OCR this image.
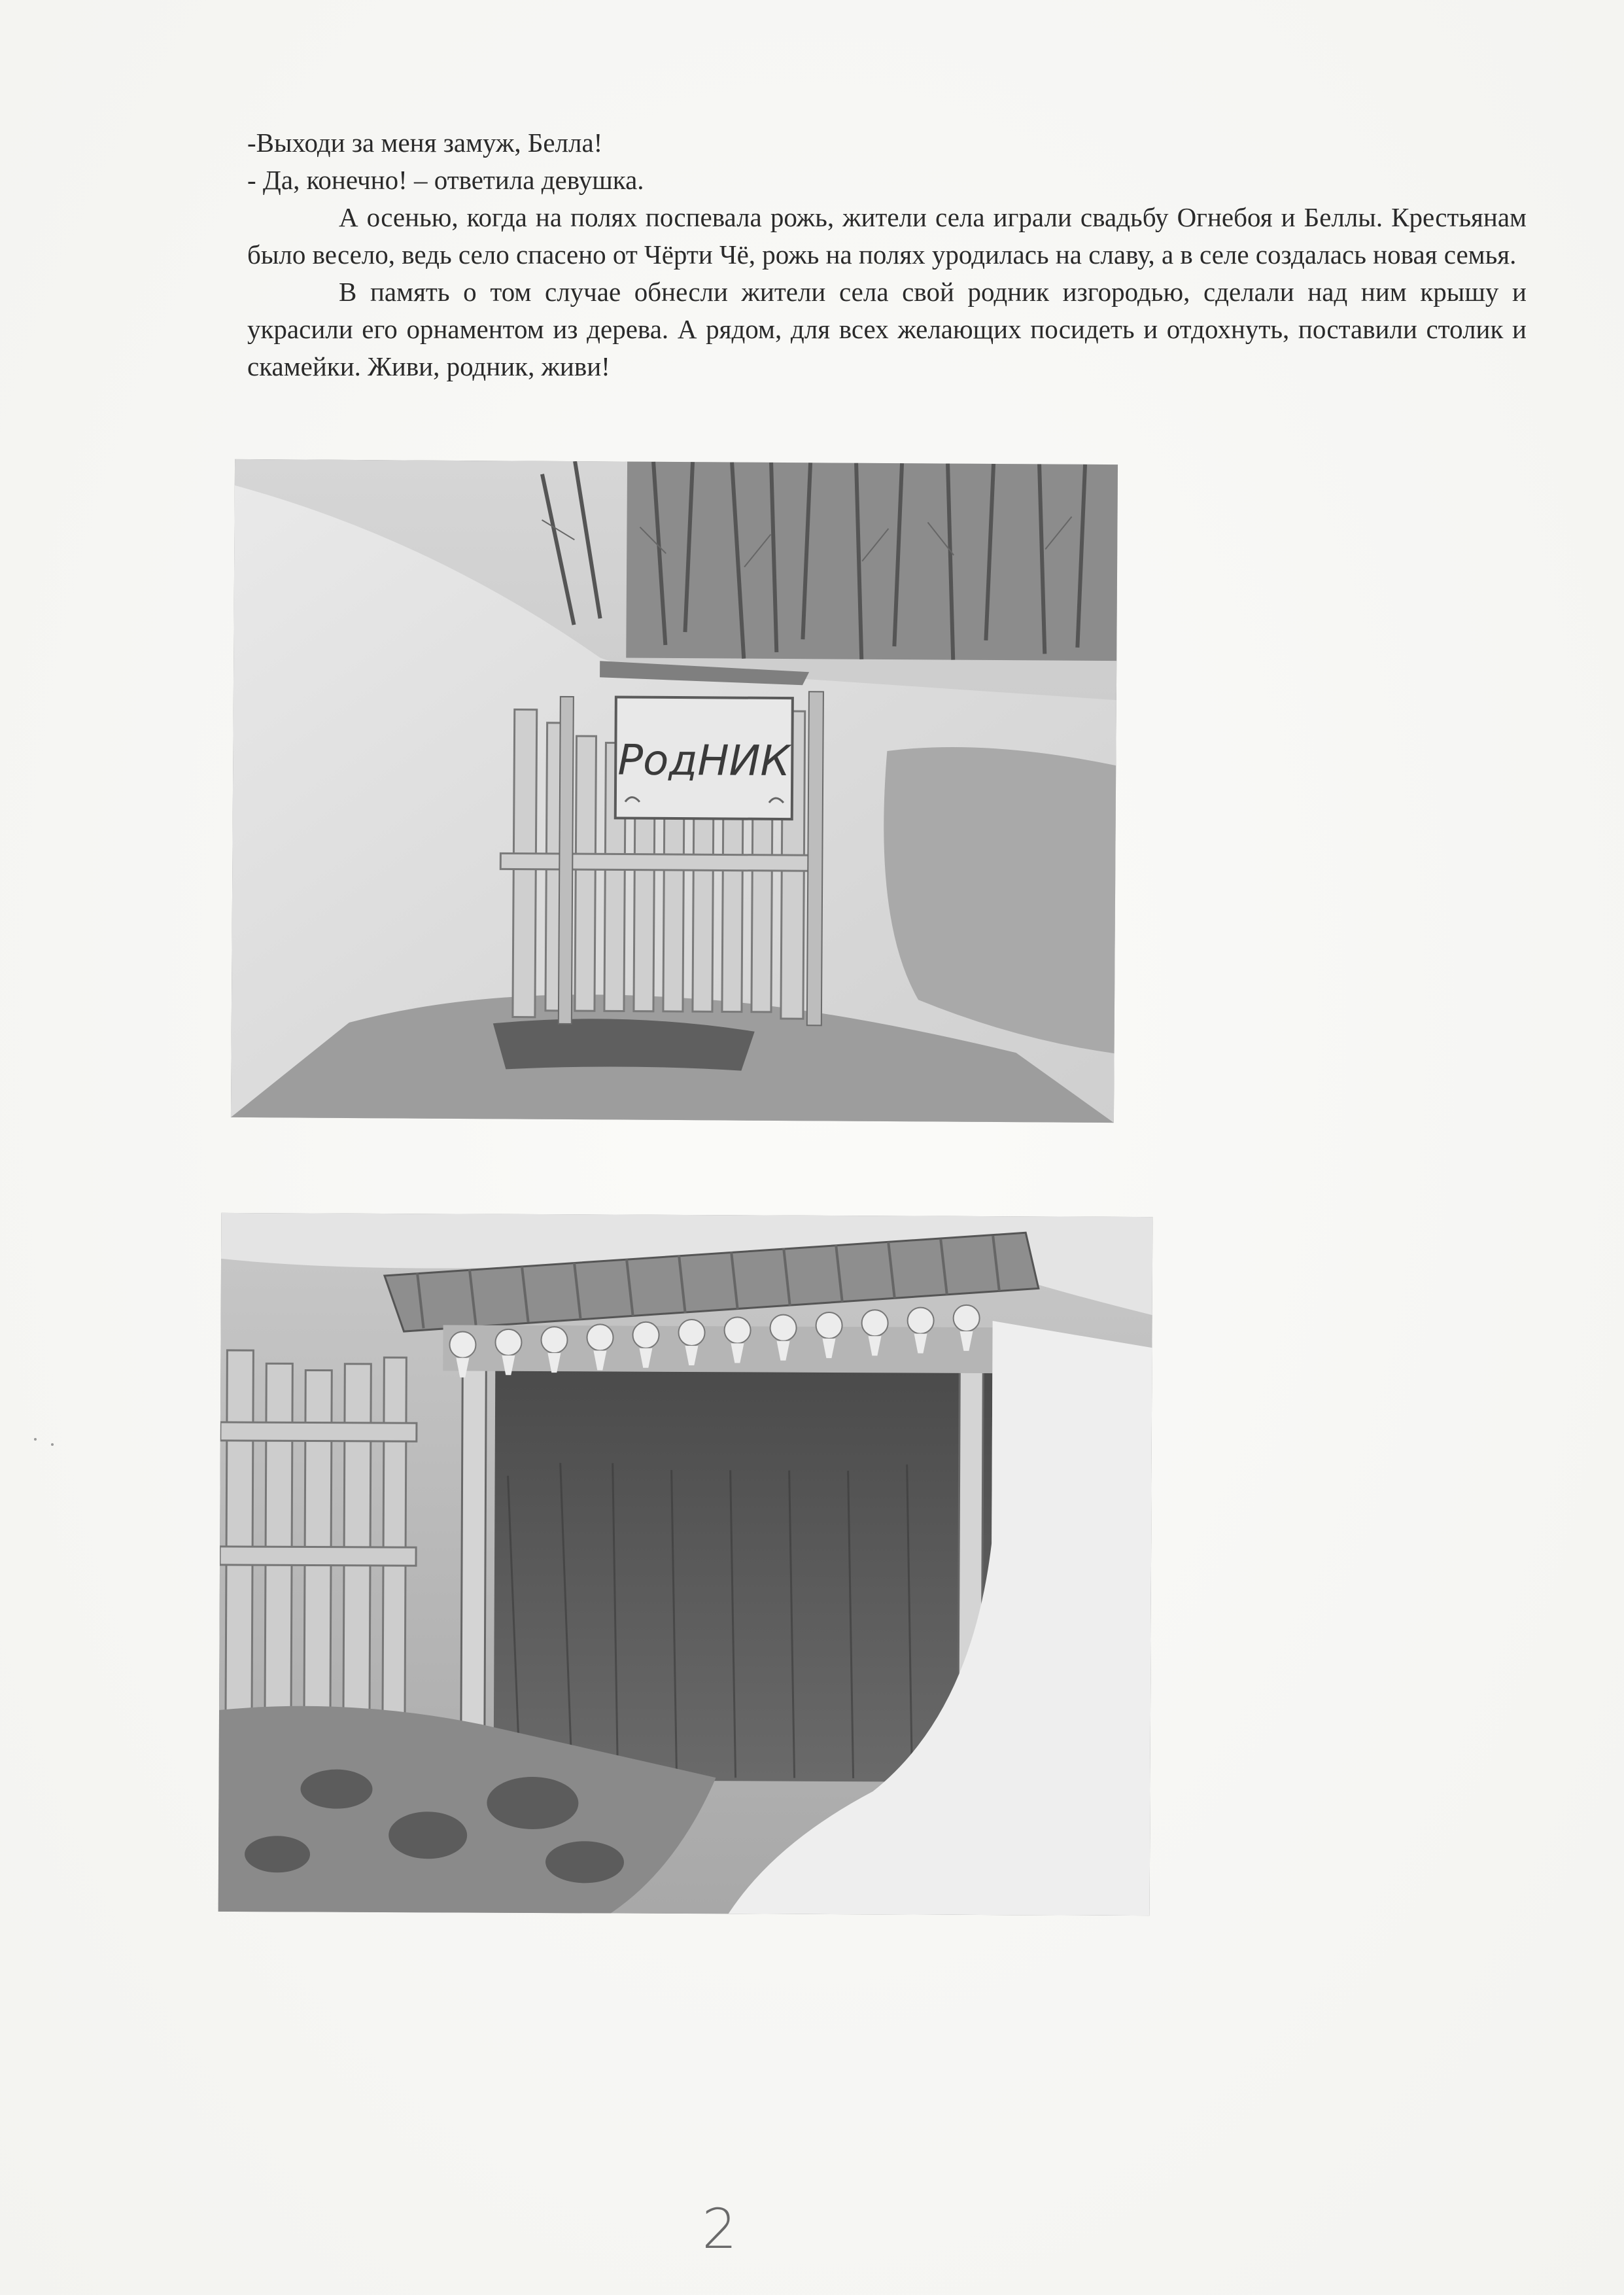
-Выходи за меня замуж, Белла!

- Да, конечно! – ответила девушка.

А осенью, когда на полях поспевала рожь, жители села играли свадьбу Огнебоя и Беллы. Крестьянам было весело, ведь село спасено от Чёрти Чё, рожь на полях уродилась на славу, а в селе создалась новая семья.

В память о том случае обнесли жители села свой родник изгородью, сделали над ним крышу и украсили его орнаментом из дерева. А рядом, для всех желающих посидеть и отдохнуть, поставили столик и скамейки. Живи, родник, живи!

РодНИК
2
